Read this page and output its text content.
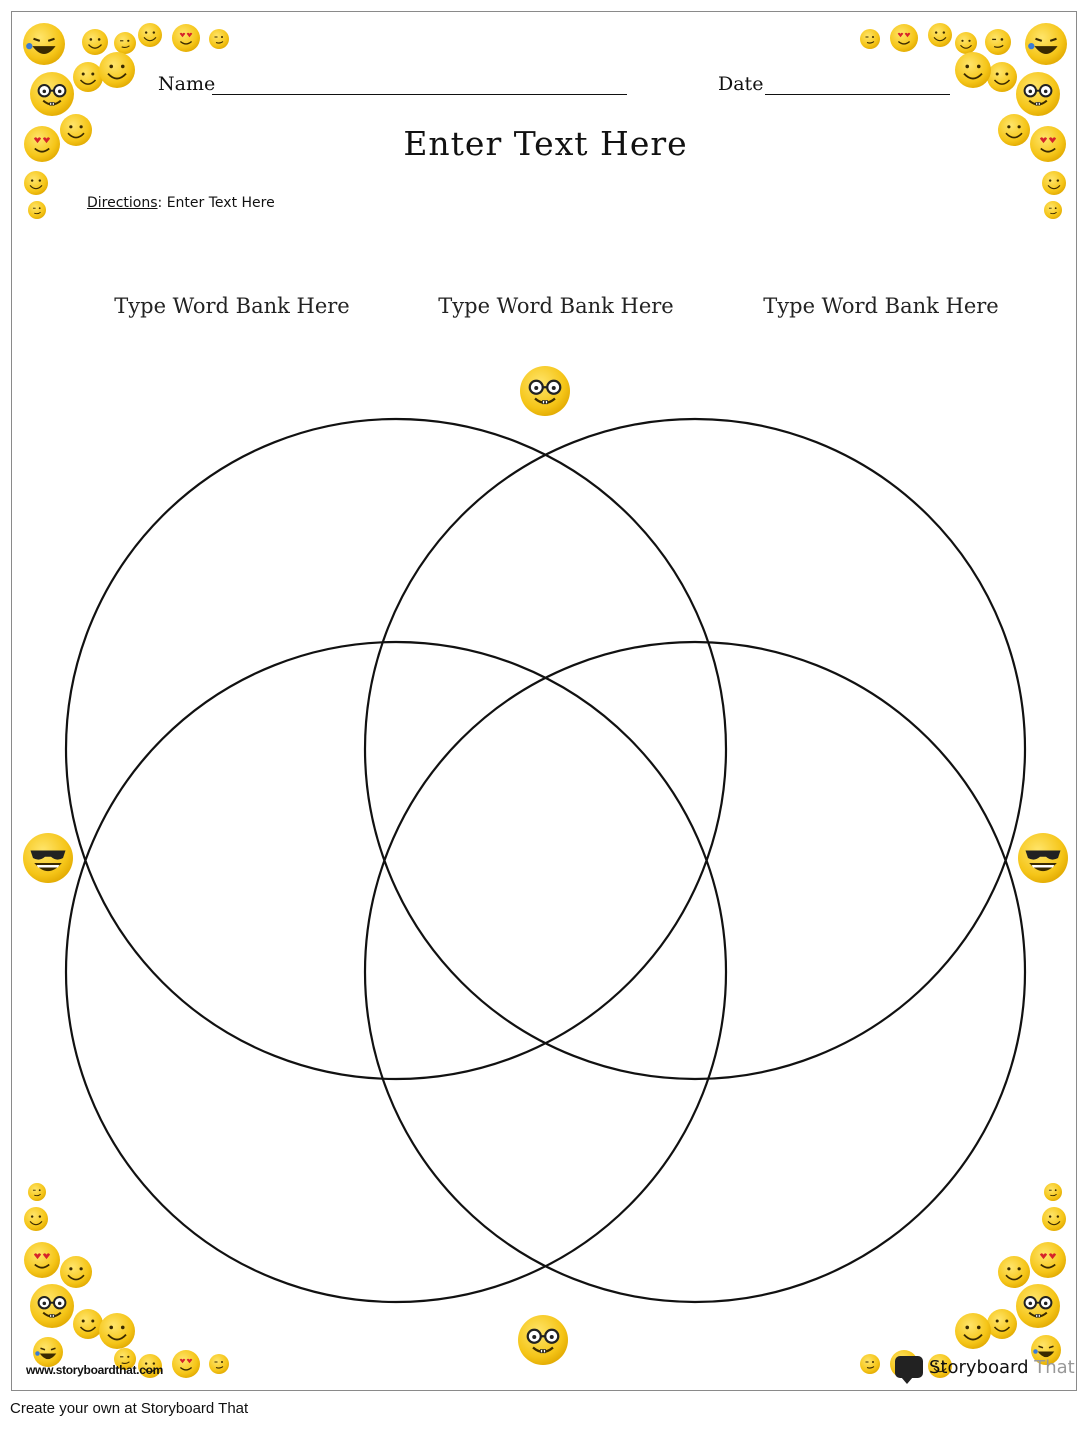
Name	Date
Enter Text Here
Directions: Enter Text Here
Type Word Bank Here	Type Word Bank Here	Type Word Bank Here
www.storyboardthat.com	Storyboard That
Create your own at Storyboard That
